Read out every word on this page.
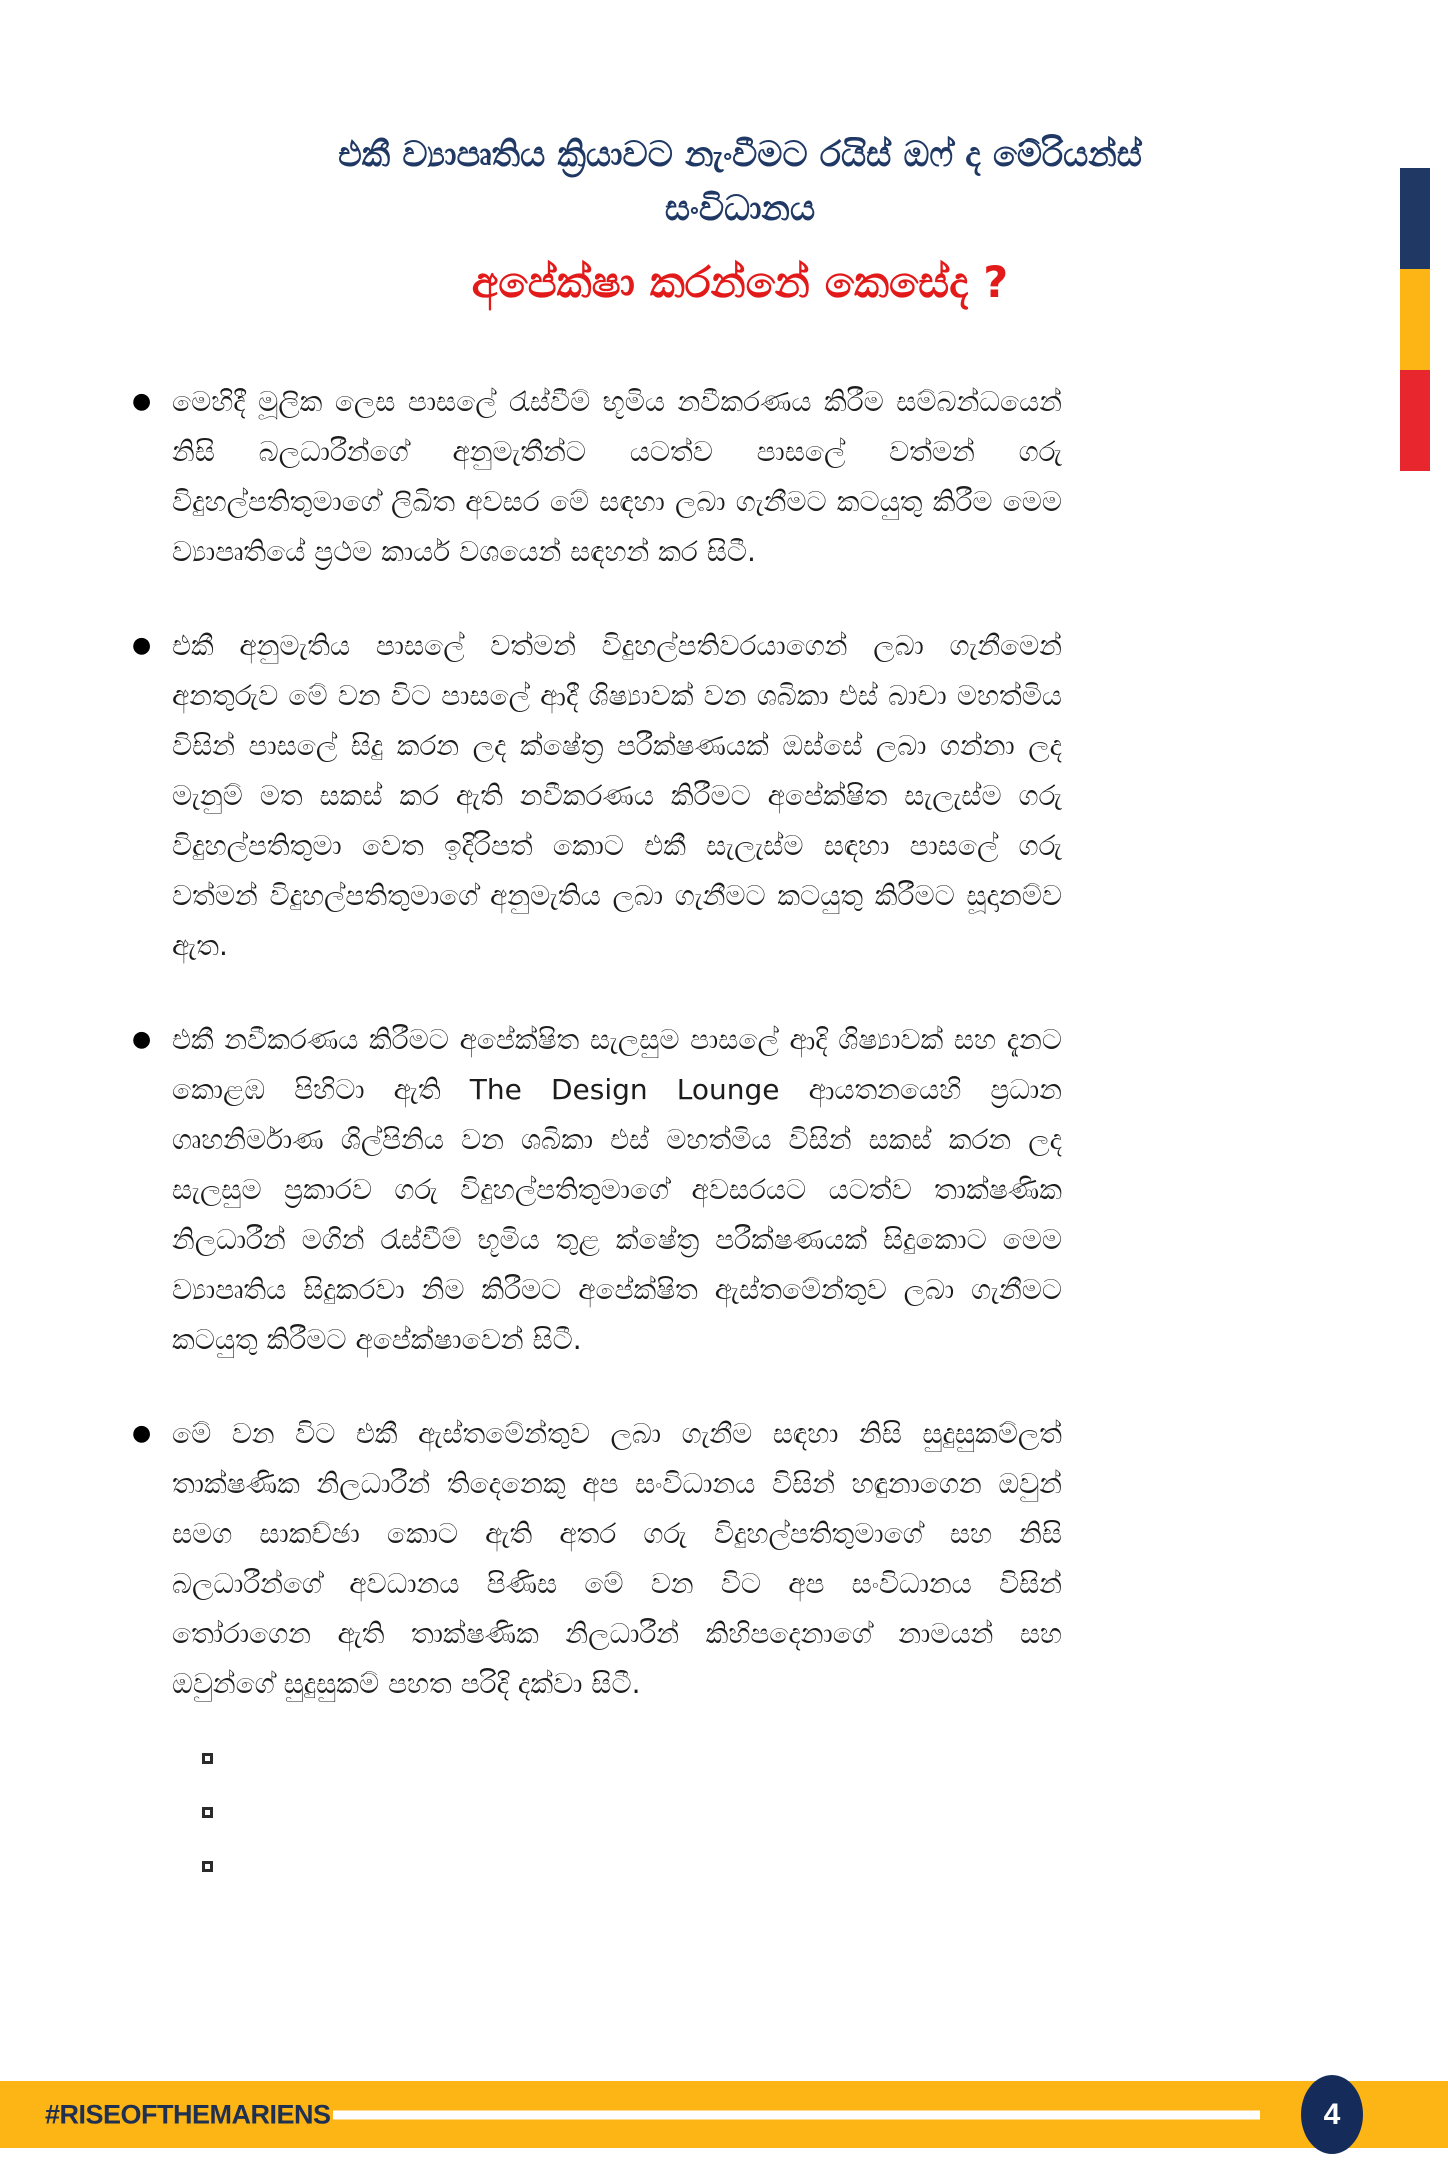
එකී ව්‍යාපෘතිය ක්‍රියාවට නැංවීමට රයිස් ඔෆ් ද මේරියන්ස් සංවිධානය
අපේක්ෂා කරන්නේ කෙසේද ?
● මෙහිදී මූලික ලෙස පාසලේ රැස්වීම් භූමිය නවීකරණය කිරීම සම්බන්ධයෙන් නිසි බලධාරීන්ගේ අනුමැතීන්ට යටත්ව පාසලේ වත්මන් ගරු විදුහල්පතිතුමාගේ ලිඛිත අවසර මේ සඳහා ලබා ගැනීමට කටයුතු කිරීම මෙම ව්‍යාපෘතියේ ප්‍රථම කාර්ය වශයෙන් සඳහන් කර සිටී.
● එකී අනුමැතිය පාසලේ වත්මන් විදුහල්පතිවරයාගෙන් ලබා ගැනීමෙන් අනතුරුව මේ වන විට පාසලේ ආදී ශිෂ්‍යාවක් වන ශබිකා එස් බාචා මහත්මිය විසින් පාසලේ සිදු කරන ලද ක්ෂේත්‍ර පරීක්ෂණයක් ඔස්සේ ලබා ගන්නා ලද මැනුම් මත සකස් කර ඇති නවීකරණය කිරීමට අපේක්ෂිත සැලැස්ම ගරු විදුහල්පතිතුමා වෙත ඉදිරිපත් කොට එකී සැලැස්ම සඳහා පාසලේ ගරු වත්මන් විදුහල්පතිතුමාගේ අනුමැතිය ලබා ගැනීමට කටයුතු කිරීමට සූදානම්ව ඇත.
● එකී නවීකරණය කිරීමට අපේක්ෂිත සැලසුම පාසලේ ආදි ශිෂ්‍යාවක් සහ දැනට කොළඹ පිහිටා ඇති The Design Lounge ආයතනයෙහි ප්‍රධාන ගෘහනිර්මාණ ශිල්පිනිය වන ශබිකා එස් මහත්මිය විසින් සකස් කරන ලද සැලසුම ප්‍රකාරව ගරු විදුහල්පතිතුමාගේ අවසරයට යටත්ව තාක්ෂණික නිලධාරීන් මගින් රැස්වීම් භූමිය තුළ ක්ෂේත්‍ර පරීක්ෂණයක් සිදුකොට මෙම ව්‍යාපෘතිය සිදුකරවා නිම කිරීමට අපේක්ෂිත ඇස්තමේන්තුව ලබා ගැනීමට කටයුතු කිරීමට අපේක්ෂාවෙන් සිටී.
● මේ වන විට එකී ඇස්තමේන්තුව ලබා ගැනීම සඳහා නිසි සුදුසුකම්ලත් තාක්ෂණික නිලධාරීන් තිදෙනෙකු අප සංවිධානය විසින් හඳුනාගෙන ඔවුන් සමග සාකච්ඡා කොට ඇති අතර ගරු විදුහල්පතිතුමාගේ සහ නිසි බලධාරීන්ගේ අවධානය පිණිස මේ වන විට අප සංවිධානය විසින් තෝරාගෙන ඇති තාක්ෂණික නිලධාරීන් කිහිපදෙනාගේ නාමයන් සහ ඔවුන්ගේ සුදුසුකම් පහත පරිදි දක්වා සිටී.
#RISEOFTHEMARIENS	4
